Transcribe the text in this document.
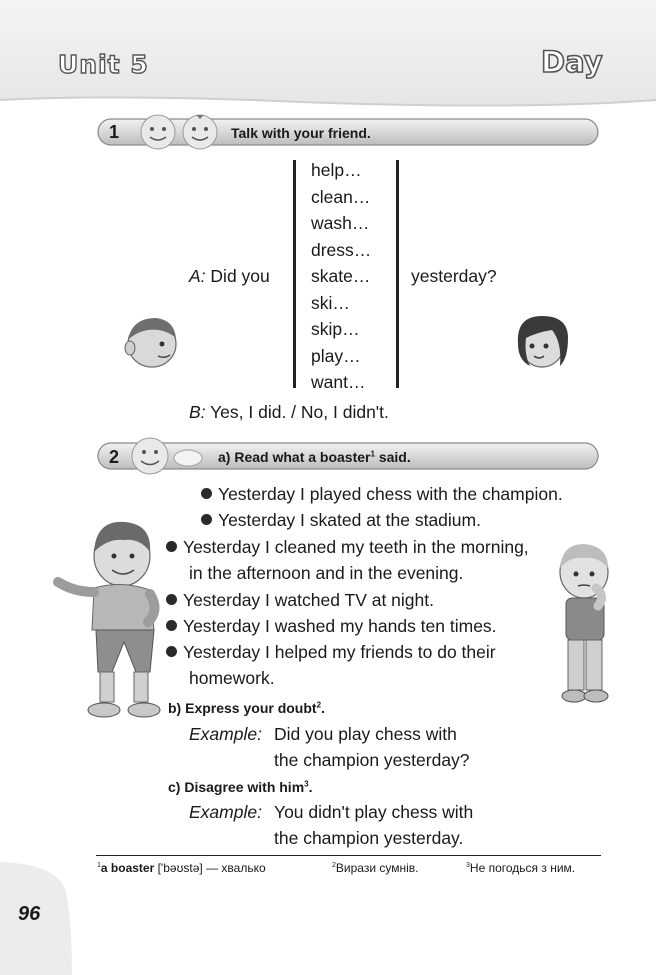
Unit 5	Day
1	Talk with your friend.
help…
clean…
wash…
dress…
skate…
ski…
skip…
play…
want…
A: Did you	yesterday?
B: Yes, I did. / No, I didn't.
2	a) Read what a boaster$^1$ said.
Yesterday I played chess with the champion.
Yesterday I skated at the stadium.
Yesterday I cleaned my teeth in the morning,
in the afternoon and in the evening.
Yesterday I watched TV at night.
Yesterday I washed my hands ten times.
Yesterday I helped my friends to do their
homework.
b) Express your doubt$^2$.
Example: Did you play chess with
the champion yesterday?
c) Disagree with him$^3$.
Example: You didn't play chess with
the champion yesterday.
$^1$a boaster ['bəʊstə] — хвалько	$^2$Вирази сумнів.	$^3$Не погодься з ним.
96
